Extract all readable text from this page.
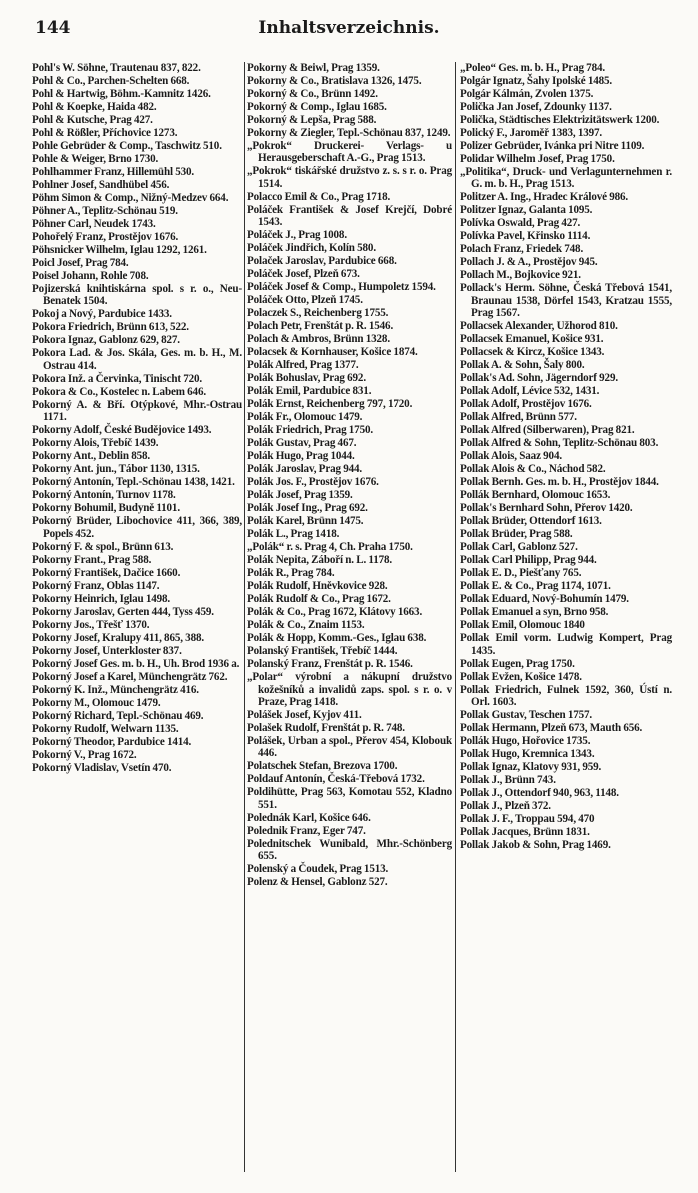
144	Inhaltsverzeichnis.
Pohl's W. Söhne, Trautenau 837, 822.
Pohl & Co., Parchen-Schelten 668.
Pohl & Hartwig, Böhm.-Kamnitz 1426.
Pohl & Koepke, Haida 482.
Pohl & Kutsche, Prag 427.
Pohl & Rößler, Příchovice 1273.
Pohle Gebrüder & Comp., Taschwitz 510.
Pohle & Weiger, Brno 1730.
Pohlhammer Franz, Hillemühl 530.
Pohlner Josef, Sandhübel 456.
Pöhm Simon & Comp., Nižný-Medzev 664.
Pöhner A., Teplitz-Schönau 519.
Pöhner Carl, Neudek 1743.
Pohořelý Franz, Prostějov 1676.
Pöhsnicker Wilhelm, Iglau 1292, 1261.
Poicl Josef, Prag 784.
Poisel Johann, Rohle 708.
Pojizerská knihtiskárna spol. s r. o., Neu-Benatek 1504.
Pokoj a Nový, Pardubice 1433.
Pokora Friedrich, Brünn 613, 522.
Pokora Ignaz, Gablonz 629, 827.
Pokora Lad. & Jos. Skála, Ges. m. b. H., M. Ostrau 414.
Pokora Inž. a Červinka, Tinischt 720.
Pokora & Co., Kostelec n. Labem 646.
Pokorný A. & Bří. Otýpkové, Mhr.-Ostrau 1171.
Pokorny Adolf, České Budějovice 1493.
Pokorny Alois, Třebíč 1439.
Pokorny Ant., Deblin 858.
Pokorny Ant. jun., Tábor 1130, 1315.
Pokorný Antonín, Tepl.-Schönau 1438, 1421.
Pokorný Antonín, Turnov 1178.
Pokorny Bohumil, Budyně 1101.
Pokorný Brüder, Libochovice 411, 366, 389, Popels 452.
Pokorný F. & spol., Brünn 613.
Pokorny Frant., Prag 588.
Pokorný František, Dačice 1660.
Pokorný Franz, Oblas 1147.
Pokorny Heinrich, Iglau 1498.
Pokorny Jaroslav, Gerten 444, Tyss 459.
Pokorny Jos., Třešť 1370.
Pokorny Josef, Kralupy 411, 865, 388.
Pokorny Josef, Unterkloster 837.
Pokorný Josef Ges. m. b. H., Uh. Brod 1936 a.
Pokorný Josef a Karel, Münchengrätz 762.
Pokorný K. Inž., Münchengrätz 416.
Pokorny M., Olomouc 1479.
Pokorný Richard, Tepl.-Schönau 469.
Pokorny Rudolf, Welwarn 1135.
Pokorný Theodor, Pardubice 1414.
Pokorný V., Prag 1672.
Pokorný Vladislav, Vsetín 470.
Pokorny & Beiwl, Prag 1359.
Pokorny & Co., Bratislava 1326, 1475.
Pokorný & Co., Brünn 1492.
Pokorný & Comp., Iglau 1685.
Pokorný & Lepša, Prag 588.
Pokorny & Ziegler, Tepl.-Schönau 837, 1249.
„Pokrok“ Druckerei- Verlags- u Herausgeberschaft A.-G., Prag 1513.
„Pokrok“ tiskářské družstvo z. s. s r. o. Prag 1514.
Polacco Emil & Co., Prag 1718.
Poláček František & Josef Krejčí, Dobré 1543.
Poláček J., Prag 1008.
Poláček Jindřich, Kolín 580.
Polaček Jaroslav, Pardubice 668.
Poláček Josef, Plzeň 673.
Poláček Josef & Comp., Humpoletz 1594.
Poláček Otto, Plzeň 1745.
Polaczek S., Reichenberg 1755.
Polach Petr, Frenštát p. R. 1546.
Polach & Ambros, Brünn 1328.
Polacsek & Kornhauser, Košice 1874.
Polák Alfred, Prag 1377.
Polák Bohuslav, Prag 692.
Polák Emil, Pardubice 831.
Polák Ernst, Reichenberg 797, 1720.
Polák Fr., Olomouc 1479.
Polák Friedrich, Prag 1750.
Polák Gustav, Prag 467.
Polák Hugo, Prag 1044.
Polák Jaroslav, Prag 944.
Polák Jos. F., Prostějov 1676.
Polák Josef, Prag 1359.
Polák Josef Ing., Prag 692.
Polák Karel, Brünn 1475.
Polák L., Prag 1418.
„Polák“ r. s. Prag 4, Ch. Praha 1750.
Polák Nepita, Záboří n. L. 1178.
Polák R., Prag 784.
Polák Rudolf, Hněvkovice 928.
Polák Rudolf & Co., Prag 1672.
Polák & Co., Prag 1672, Klátovy 1663.
Polák & Co., Znaim 1153.
Polák & Hopp, Komm.-Ges., Iglau 638.
Polanský František, Třebíč 1444.
Polanský Franz, Frenštát p. R. 1546.
„Polar“ výrobní a nákupní družstvo kožešníků a invalidů zaps. spol. s r. o. v Praze, Prag 1418.
Polášek Josef, Kyjov 411.
Polašek Rudolf, Frenštát p. R. 748.
Polášek, Urban a spol., Přerov 454, Klobouk 446.
Polatschek Stefan, Brezova 1700.
Poldauf Antonín, Česká-Třebová 1732.
Poldihütte, Prag 563, Komotau 552, Kladno 551.
Polednák Karl, Košice 646.
Polednik Franz, Eger 747.
Polednitschek Wunibald, Mhr.-Schönberg 655.
Polenský a Čoudek, Prag 1513.
Polenz & Hensel, Gablonz 527.
„Poleo“ Ges. m. b. H., Prag 784.
Polgár Ignatz, Šahy Ipolské 1485.
Polgár Kálmán, Zvolen 1375.
Polička Jan Josef, Zdounky 1137.
Polička, Städtisches Elektrizitätswerk 1200.
Polický F., Jaroměř 1383, 1397.
Polizer Gebrüder, Ivánka pri Nitre 1109.
Polidar Wilhelm Josef, Prag 1750.
„Politika“, Druck- und Verlagunternehmen r. G. m. b. H., Prag 1513.
Politzer A. Ing., Hradec Králové 986.
Politzer Ignaz, Galanta 1095.
Polívka Oswald, Prag 427.
Polívka Pavel, Křinsko 1114.
Polach Franz, Friedek 748.
Pollach J. & A., Prostějov 945.
Pollach M., Bojkovice 921.
Pollack's Herm. Söhne, Česká Třebová 1541, Braunau 1538, Dörfel 1543, Kratzau 1555, Prag 1567.
Pollacsek Alexander, Užhorod 810.
Pollacsek Emanuel, Košice 931.
Pollacsek & Kircz, Košice 1343.
Pollak A. & Sohn, Šaly 800.
Pollak's Ad. Sohn, Jägerndorf 929.
Pollak Adolf, Lévice 532, 1431.
Pollak Adolf, Prostějov 1676.
Pollak Alfred, Brünn 577.
Pollak Alfred (Silberwaren), Prag 821.
Pollak Alfred & Sohn, Teplitz-Schönau 803.
Pollak Alois, Saaz 904.
Pollak Alois & Co., Náchod 582.
Pollak Bernh. Ges. m. b. H., Prostějov 1844.
Pollák Bernhard, Olomouc 1653.
Pollak's Bernhard Sohn, Přerov 1420.
Pollak Brüder, Ottendorf 1613.
Pollak Brüder, Prag 588.
Pollak Carl, Gablonz 527.
Pollak Carl Philipp, Prag 944.
Pollak E. D., Piešťany 765.
Pollak E. & Co., Prag 1174, 1071.
Pollak Eduard, Nový-Bohumín 1479.
Pollak Emanuel a syn, Brno 958.
Pollak Emil, Olomouc 1840
Pollak Emil vorm. Ludwig Kompert, Prag 1435.
Pollak Eugen, Prag 1750.
Pollak Evžen, Košice 1478.
Pollak Friedrich, Fulnek 1592, 360, Ústí n. Orl. 1603.
Pollak Gustav, Teschen 1757.
Pollak Hermann, Plzeň 673, Mauth 656.
Pollák Hugo, Hořovice 1735.
Pollak Hugo, Kremnica 1343.
Pollak Ignaz, Klatovy 931, 959.
Pollak J., Brünn 743.
Pollak J., Ottendorf 940, 963, 1148.
Pollak J., Plzeň 372.
Pollak J. F., Troppau 594, 470
Pollak Jacques, Brünn 1831.
Pollak Jakob & Sohn, Prag 1469.
